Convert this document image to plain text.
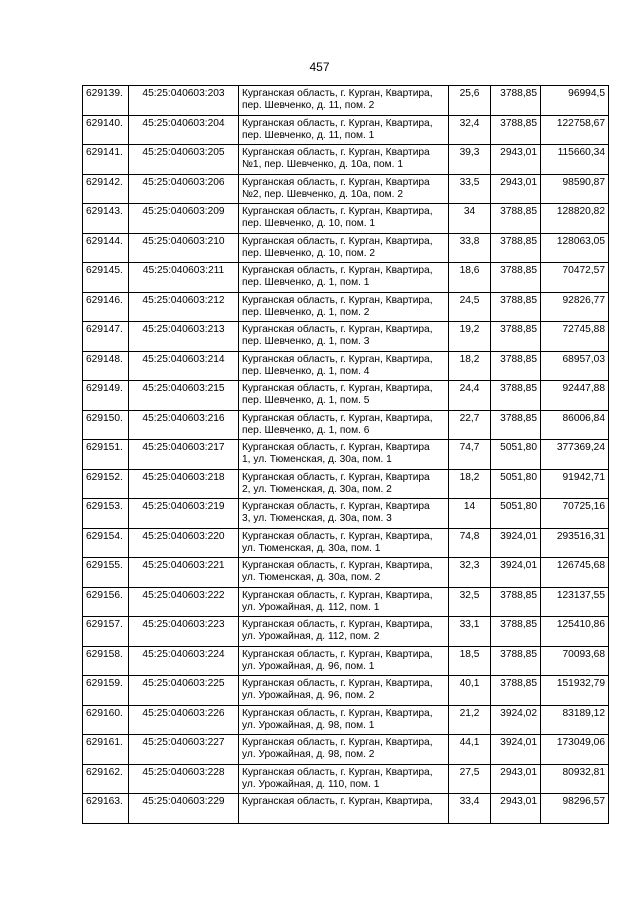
457
629139.	45:25:040603:203	Курганская область, г. Курган, Квартира,
пер. Шевченко, д. 11, пом. 2	25,6	3788,85	96994,5
629140.	45:25:040603:204	Курганская область, г. Курган, Квартира,
пер. Шевченко, д. 11, пом. 1	32,4	3788,85	122758,67
629141.	45:25:040603:205	Курганская область, г. Курган, Квартира
№1, пер. Шевченко, д. 10а, пом. 1	39,3	2943,01	115660,34
629142.	45:25:040603:206	Курганская область, г. Курган, Квартира
№2, пер. Шевченко, д. 10а, пом. 2	33,5	2943,01	98590,87
629143.	45:25:040603:209	Курганская область, г. Курган, Квартира,
пер. Шевченко, д. 10, пом. 1	34	3788,85	128820,82
629144.	45:25:040603:210	Курганская область, г. Курган, Квартира,
пер. Шевченко, д. 10, пом. 2	33,8	3788,85	128063,05
629145.	45:25:040603:211	Курганская область, г. Курган, Квартира,
пер. Шевченко, д. 1, пом. 1	18,6	3788,85	70472,57
629146.	45:25:040603:212	Курганская область, г. Курган, Квартира,
пер. Шевченко, д. 1, пом. 2	24,5	3788,85	92826,77
629147.	45:25:040603:213	Курганская область, г. Курган, Квартира,
пер. Шевченко, д. 1, пом. 3	19,2	3788,85	72745,88
629148.	45:25:040603:214	Курганская область, г. Курган, Квартира,
пер. Шевченко, д. 1, пом. 4	18,2	3788,85	68957,03
629149.	45:25:040603:215	Курганская область, г. Курган, Квартира,
пер. Шевченко, д. 1, пом. 5	24,4	3788,85	92447,88
629150.	45:25:040603:216	Курганская область, г. Курган, Квартира,
пер. Шевченко, д. 1, пом. 6	22,7	3788,85	86006,84
629151.	45:25:040603:217	Курганская область, г. Курган, Квартира
1, ул. Тюменская, д. 30а, пом. 1	74,7	5051,80	377369,24
629152.	45:25:040603:218	Курганская область, г. Курган, Квартира
2, ул. Тюменская, д. 30а, пом. 2	18,2	5051,80	91942,71
629153.	45:25:040603:219	Курганская область, г. Курган, Квартира
3, ул. Тюменская, д. 30а, пом. 3	14	5051,80	70725,16
629154.	45:25:040603:220	Курганская область, г. Курган, Квартира,
ул. Тюменская, д. 30а, пом. 1	74,8	3924,01	293516,31
629155.	45:25:040603:221	Курганская область, г. Курган, Квартира,
ул. Тюменская, д. 30а, пом. 2	32,3	3924,01	126745,68
629156.	45:25:040603:222	Курганская область, г. Курган, Квартира,
ул. Урожайная, д. 112, пом. 1	32,5	3788,85	123137,55
629157.	45:25:040603:223	Курганская область, г. Курган, Квартира,
ул. Урожайная, д. 112, пом. 2	33,1	3788,85	125410,86
629158.	45:25:040603:224	Курганская область, г. Курган, Квартира,
ул. Урожайная, д. 96, пом. 1	18,5	3788,85	70093,68
629159.	45:25:040603:225	Курганская область, г. Курган, Квартира,
ул. Урожайная, д. 96, пом. 2	40,1	3788,85	151932,79
629160.	45:25:040603:226	Курганская область, г. Курган, Квартира,
ул. Урожайная, д. 98, пом. 1	21,2	3924,02	83189,12
629161.	45:25:040603:227	Курганская область, г. Курган, Квартира,
ул. Урожайная, д. 98, пом. 2	44,1	3924,01	173049,06
629162.	45:25:040603:228	Курганская область, г. Курган, Квартира,
ул. Урожайная, д. 110, пом. 1	27,5	2943,01	80932,81
629163.	45:25:040603:229	Курганская область, г. Курган, Квартира,	33,4	2943,01	98296,57
